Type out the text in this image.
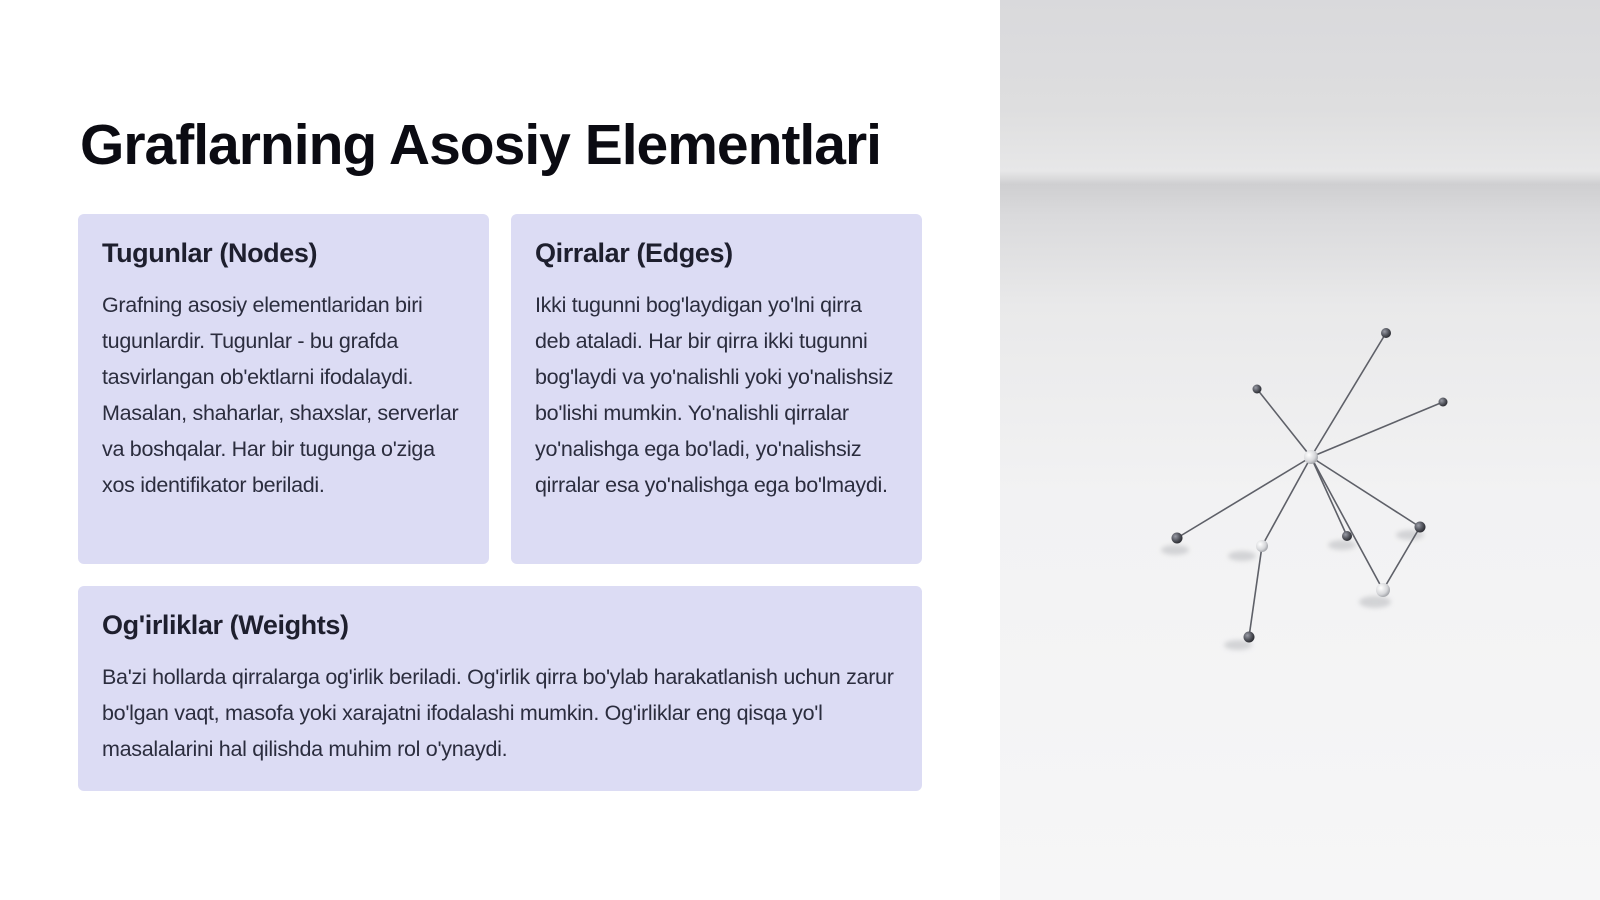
Graflarning Asosiy Elementlari
Tugunlar (Nodes)

Grafning asosiy elementlaridan biri tugunlardir. Tugunlar - bu grafda tasvirlangan ob'ektlarni ifodalaydi. Masalan, shaharlar, shaxslar, serverlar va boshqalar. Har bir tugunga o'ziga xos identifikator beriladi.

Qirralar (Edges)

Ikki tugunni bog'laydigan yo'lni qirra deb ataladi. Har bir qirra ikki tugunni bog'laydi va yo'nalishli yoki yo'nalishsiz bo'lishi mumkin. Yo'nalishli qirralar yo'nalishga ega bo'ladi, yo'nalishsiz qirralar esa yo'nalishga ega bo'lmaydi.

Og'irliklar (Weights)

Ba'zi hollarda qirralarga og'irlik beriladi. Og'irlik qirra bo'ylab harakatlanish uchun zarur bo'lgan vaqt, masofa yoki xarajatni ifodalashi mumkin. Og'irliklar eng qisqa yo'l masalalarini hal qilishda muhim rol o'ynaydi.
